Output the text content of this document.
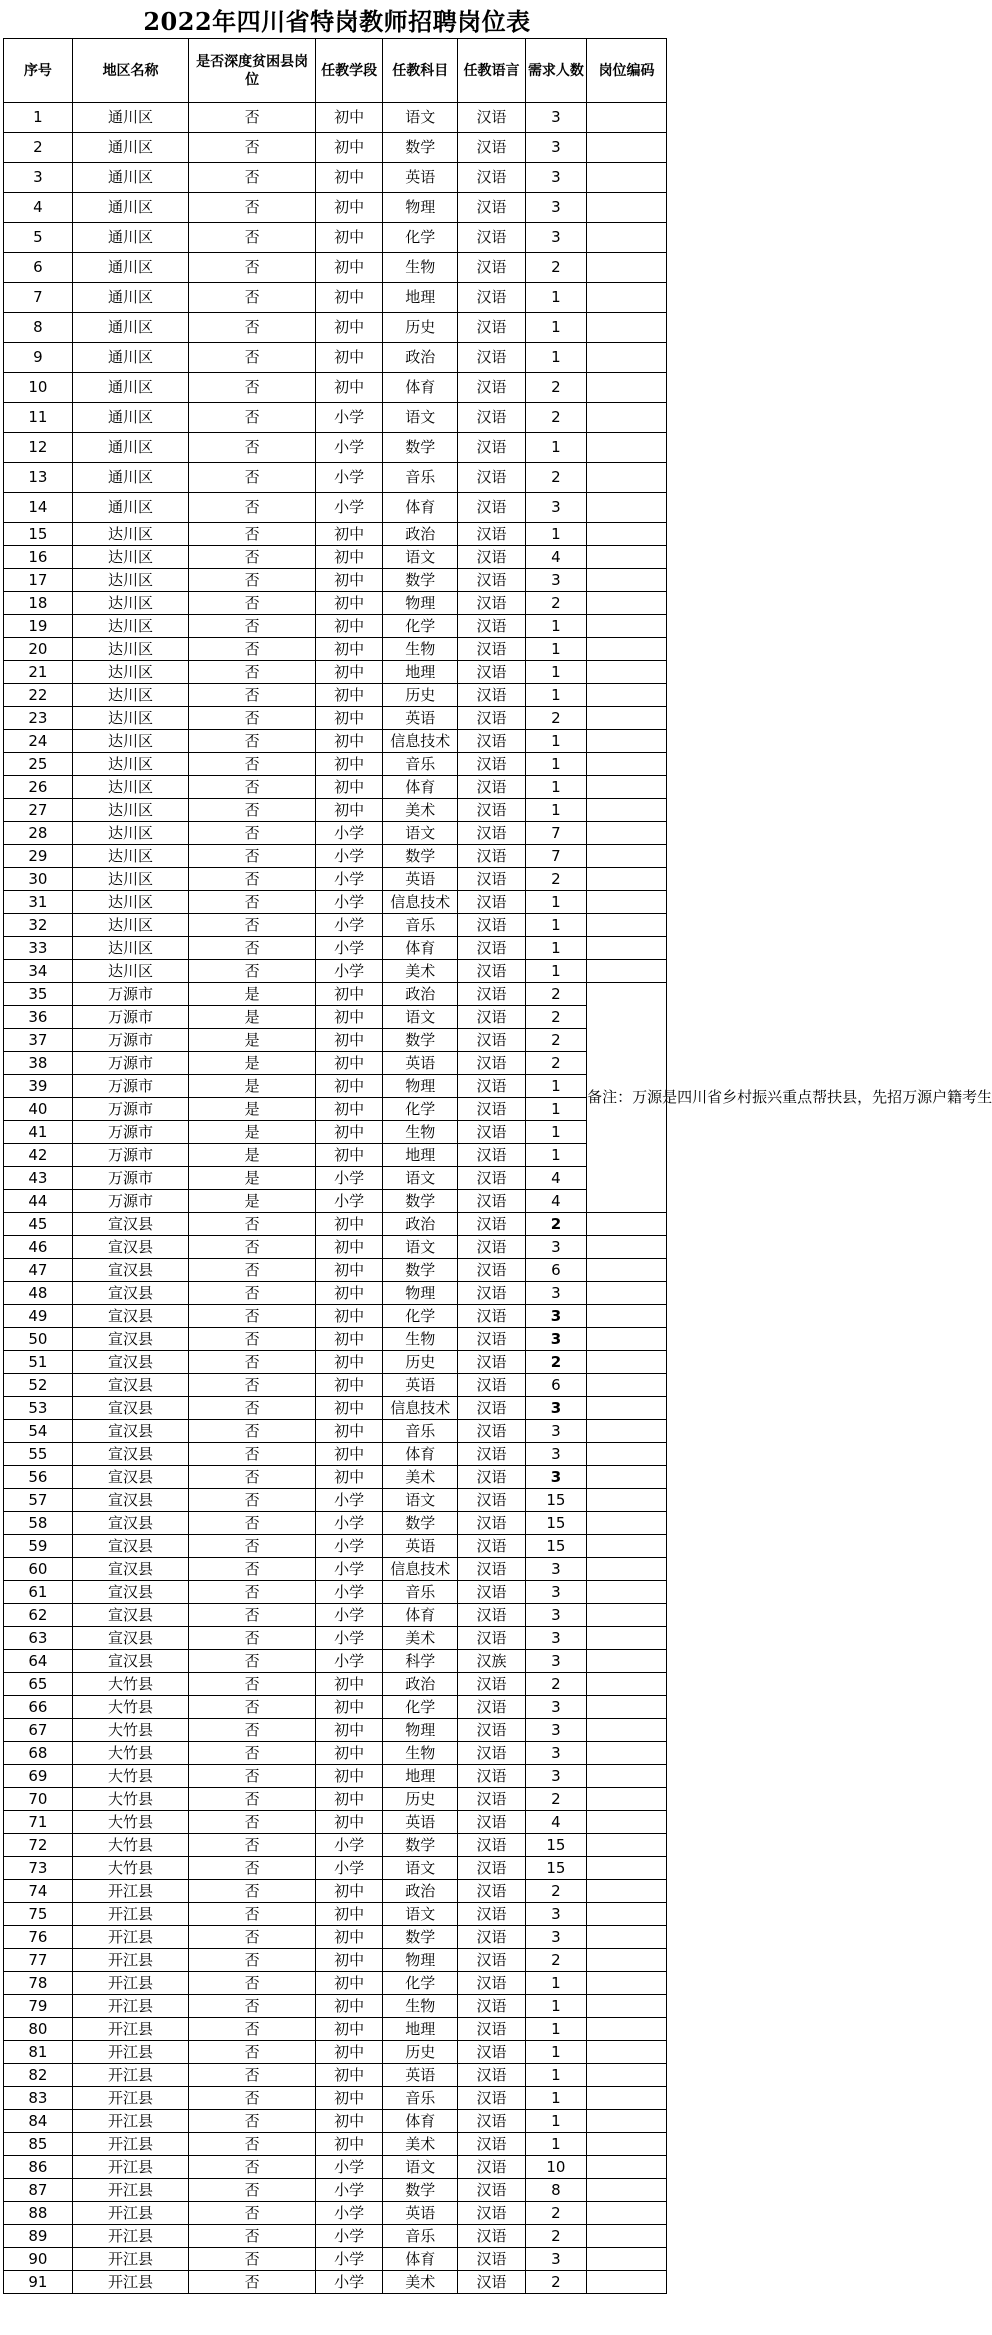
2022年四川省特岗教师招聘岗位表
序号	地区名称	是否深度贫困县岗位	任教学段	任教科目	任教语言	需求人数	岗位编码
1	通川区	否	初中	语文	汉语	3	
2	通川区	否	初中	数学	汉语	3	
3	通川区	否	初中	英语	汉语	3	
4	通川区	否	初中	物理	汉语	3	
5	通川区	否	初中	化学	汉语	3	
6	通川区	否	初中	生物	汉语	2	
7	通川区	否	初中	地理	汉语	1	
8	通川区	否	初中	历史	汉语	1	
9	通川区	否	初中	政治	汉语	1	
10	通川区	否	初中	体育	汉语	2	
11	通川区	否	小学	语文	汉语	2	
12	通川区	否	小学	数学	汉语	1	
13	通川区	否	小学	音乐	汉语	2	
14	通川区	否	小学	体育	汉语	3	
15	达川区	否	初中	政治	汉语	1	
16	达川区	否	初中	语文	汉语	4	
17	达川区	否	初中	数学	汉语	3	
18	达川区	否	初中	物理	汉语	2	
19	达川区	否	初中	化学	汉语	1	
20	达川区	否	初中	生物	汉语	1	
21	达川区	否	初中	地理	汉语	1	
22	达川区	否	初中	历史	汉语	1	
23	达川区	否	初中	英语	汉语	2	
24	达川区	否	初中	信息技术	汉语	1	
25	达川区	否	初中	音乐	汉语	1	
26	达川区	否	初中	体育	汉语	1	
27	达川区	否	初中	美术	汉语	1	
28	达川区	否	小学	语文	汉语	7	
29	达川区	否	小学	数学	汉语	7	
30	达川区	否	小学	英语	汉语	2	
31	达川区	否	小学	信息技术	汉语	1	
32	达川区	否	小学	音乐	汉语	1	
33	达川区	否	小学	体育	汉语	1	
34	达川区	否	小学	美术	汉语	1	
35	万源市	是	初中	政治	汉语	2	备注：万源是四川省乡村振兴重点帮扶县，先招万源户籍考生
36	万源市	是	初中	语文	汉语	2	
37	万源市	是	初中	数学	汉语	2	
38	万源市	是	初中	英语	汉语	2	
39	万源市	是	初中	物理	汉语	1	
40	万源市	是	初中	化学	汉语	1	
41	万源市	是	初中	生物	汉语	1	
42	万源市	是	初中	地理	汉语	1	
43	万源市	是	小学	语文	汉语	4	
44	万源市	是	小学	数学	汉语	4	
45	宣汉县	否	初中	政治	汉语	2	
46	宣汉县	否	初中	语文	汉语	3	
47	宣汉县	否	初中	数学	汉语	6	
48	宣汉县	否	初中	物理	汉语	3	
49	宣汉县	否	初中	化学	汉语	3	
50	宣汉县	否	初中	生物	汉语	3	
51	宣汉县	否	初中	历史	汉语	2	
52	宣汉县	否	初中	英语	汉语	6	
53	宣汉县	否	初中	信息技术	汉语	3	
54	宣汉县	否	初中	音乐	汉语	3	
55	宣汉县	否	初中	体育	汉语	3	
56	宣汉县	否	初中	美术	汉语	3	
57	宣汉县	否	小学	语文	汉语	15	
58	宣汉县	否	小学	数学	汉语	15	
59	宣汉县	否	小学	英语	汉语	15	
60	宣汉县	否	小学	信息技术	汉语	3	
61	宣汉县	否	小学	音乐	汉语	3	
62	宣汉县	否	小学	体育	汉语	3	
63	宣汉县	否	小学	美术	汉语	3	
64	宣汉县	否	小学	科学	汉族	3	
65	大竹县	否	初中	政治	汉语	2	
66	大竹县	否	初中	化学	汉语	3	
67	大竹县	否	初中	物理	汉语	3	
68	大竹县	否	初中	生物	汉语	3	
69	大竹县	否	初中	地理	汉语	3	
70	大竹县	否	初中	历史	汉语	2	
71	大竹县	否	初中	英语	汉语	4	
72	大竹县	否	小学	数学	汉语	15	
73	大竹县	否	小学	语文	汉语	15	
74	开江县	否	初中	政治	汉语	2	
75	开江县	否	初中	语文	汉语	3	
76	开江县	否	初中	数学	汉语	3	
77	开江县	否	初中	物理	汉语	2	
78	开江县	否	初中	化学	汉语	1	
79	开江县	否	初中	生物	汉语	1	
80	开江县	否	初中	地理	汉语	1	
81	开江县	否	初中	历史	汉语	1	
82	开江县	否	初中	英语	汉语	1	
83	开江县	否	初中	音乐	汉语	1	
84	开江县	否	初中	体育	汉语	1	
85	开江县	否	初中	美术	汉语	1	
86	开江县	否	小学	语文	汉语	10	
87	开江县	否	小学	数学	汉语	8	
88	开江县	否	小学	英语	汉语	2	
89	开江县	否	小学	音乐	汉语	2	
90	开江县	否	小学	体育	汉语	3	
91	开江县	否	小学	美术	汉语	2	
